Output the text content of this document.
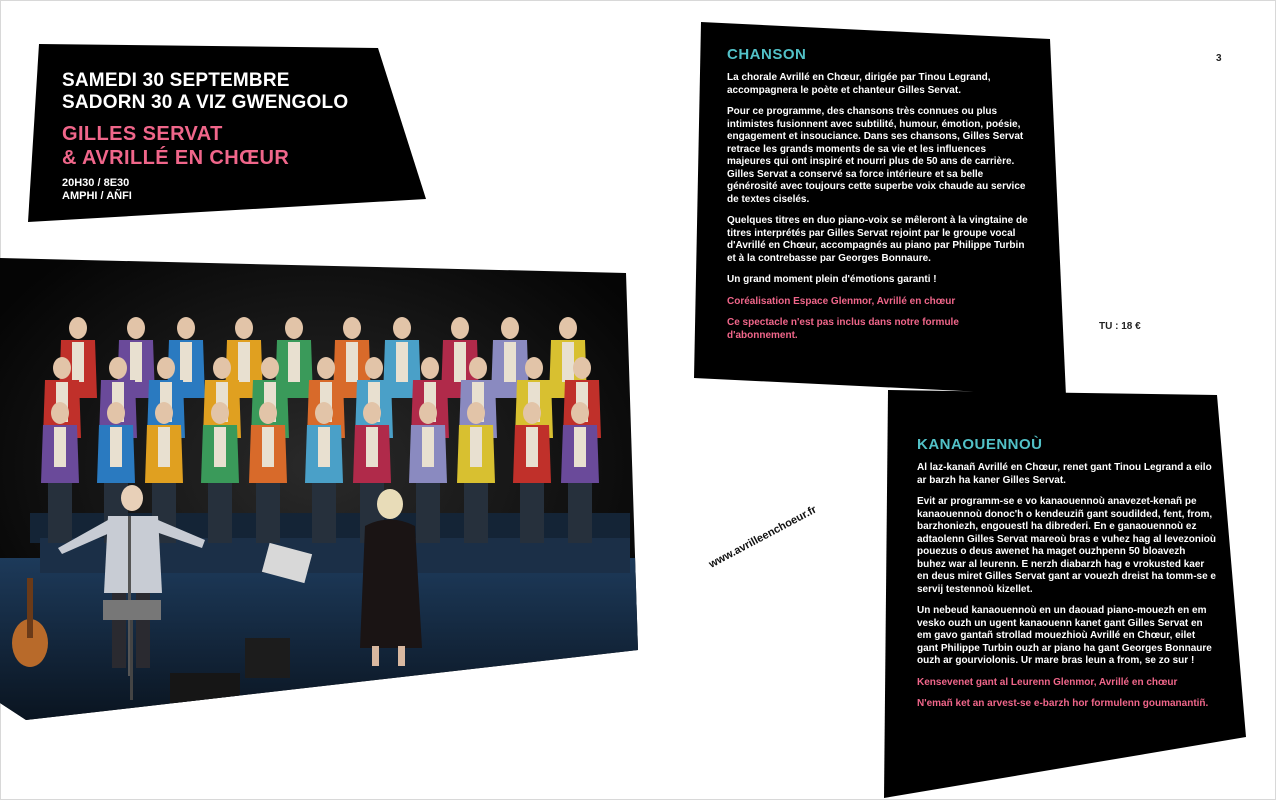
SAMEDI 30 SEPTEMBRE
SADORN 30 A VIZ GWENGOLO
GILLES SERVAT
& AVRILLÉ EN CHŒUR
20H30 / 8E30
AMPHI / AÑFI
CHANSON

La chorale Avrillé en Chœur, dirigée par Tinou Legrand, accompagnera le poète et chanteur Gilles Servat.

Pour ce programme, des chansons très connues ou plus intimistes fusionnent avec subtilité, humour, émotion, poésie, engagement et insouciance. Dans ses chansons, Gilles Servat retrace les grands moments de sa vie et les influences majeures qui ont inspiré et nourri plus de 50 ans de carrière. Gilles Servat a conservé sa force intérieure et sa belle générosité avec toujours cette superbe voix chaude au service de textes ciselés.

Quelques titres en duo piano-voix se mêleront à la vingtaine de titres interprétés par Gilles Servat rejoint par le groupe vocal d'Avrillé en Chœur, accompagnés au piano par Philippe Turbin et à la contrebasse par Georges Bonnaure.

Un grand moment plein d'émotions garanti !

Coréalisation Espace Glenmor, Avrillé en chœur

Ce spectacle n'est pas inclus dans notre formule d'abonnement.

3
TU : 18 €
www.avrilleenchoeur.fr
KANAOUENNOÙ

Al laz-kanañ Avrillé en Chœur, renet gant Tinou Legrand a eilo ar barzh ha kaner Gilles Servat.

Evit ar programm-se e vo kanaouennoù anavezet-kenañ pe kanaouennoù donoc'h o kendeuziñ gant soudilded, fent, from, barzhoniezh, engouestl ha dibrederi. En e ganaouennoù ez adtaolenn Gilles Servat mareoù bras e vuhez hag al levezonioù pouezus o deus awenet ha maget ouzhpenn 50 bloavezh buhez war al leurenn. E nerzh diabarzh hag e vrokusted kaer en deus miret Gilles Servat gant ar vouezh dreist ha tomm-se e servij testennoù kizellet.

Un nebeud kanaouennoù en un daouad piano-mouezh en em vesko ouzh un ugent kanaouenn kanet gant Gilles Servat en em gavo gantañ strollad mouezhioù Avrillé en Chœur, eilet gant Philippe Turbin ouzh ar piano ha gant Georges Bonnaure ouzh ar gourviolonis. Ur mare bras leun a from, se zo sur !

Kensevenet gant al Leurenn Glenmor, Avrillé en chœur

N'emañ ket an arvest-se e-barzh hor formulenn goumanantiñ.
